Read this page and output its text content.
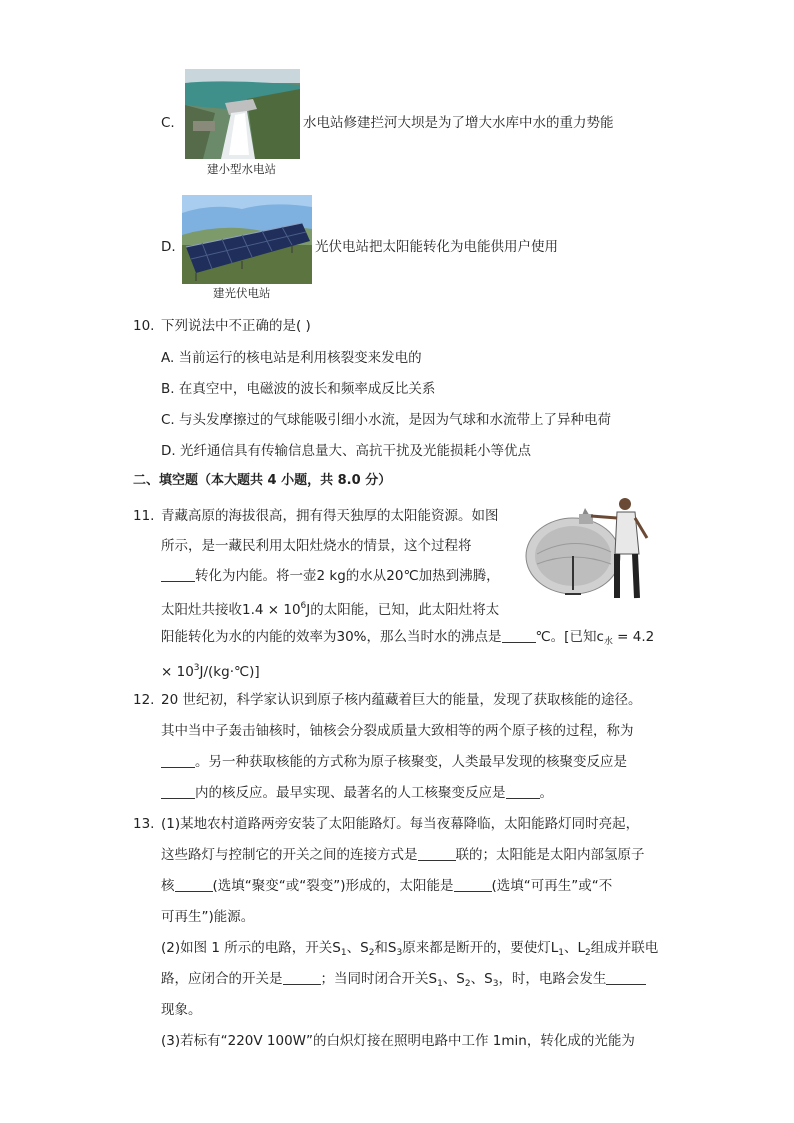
C.	水电站修建拦河大坝是为了增大水库中水的重力势能
建小型水电站
D.	光伏电站把太阳能转化为电能供用户使用
建光伏电站
10. 下列说法中不正确的是( )
A. 当前运行的核电站是利用核裂变来发电的
B. 在真空中，电磁波的波长和频率成反比关系
C. 与头发摩擦过的气球能吸引细小水流，是因为气球和水流带上了异种电荷
D. 光纤通信具有传输信息量大、高抗干扰及光能损耗小等优点
二、填空题（本大题共 4 小题，共 8.0 分）
11. 青藏高原的海拔很高，拥有得天独厚的太阳能资源。如图
所示，是一藏民利用太阳灶烧水的情景，这个过程将
转化为内能。将一壶2 kg的水从20℃加热到沸腾，
太阳灶共接收$1.4 \times 10^6J$的太阳能，已知，此太阳灶将太
阳能转化为水的内能的效率为30%，那么当时水的沸点是	℃。[已知$c_水 = 4.2$
× $10^3J/(kg\cdot℃)$]
12. 20 世纪初，科学家认识到原子核内蕴藏着巨大的能量，发现了获取核能的途径。
其中当中子轰击铀核时，铀核会分裂成质量大致相等的两个原子核的过程，称为
。另一种获取核能的方式称为原子核聚变，人类最早发现的核聚变反应是
内的核反应。最早实现、最著名的人工核聚变反应是	。
13. (1)某地农村道路两旁安装了太阳能路灯。每当夜幕降临，太阳能路灯同时亮起，
这些路灯与控制它的开关之间的连接方式是	联的；太阳能是太阳内部氢原子
核	(选填“聚变“或“裂变”)形成的，太阳能是	(选填“可再生”或“不
可再生”)能源。
(2)如图 1 所示的电路，开关$S_1$、$S_2$和$S_3$原来都是断开的，要使灯$L_1$、$L_2$组成并联电
路，应闭合的开关是	；当同时闭合开关$S_1$、$S_2$、$S_3$，时，电路会发生
现象。
(3)若标有“220V 100W”的白炽灯接在照明电路中工作 1min，转化成的光能为
